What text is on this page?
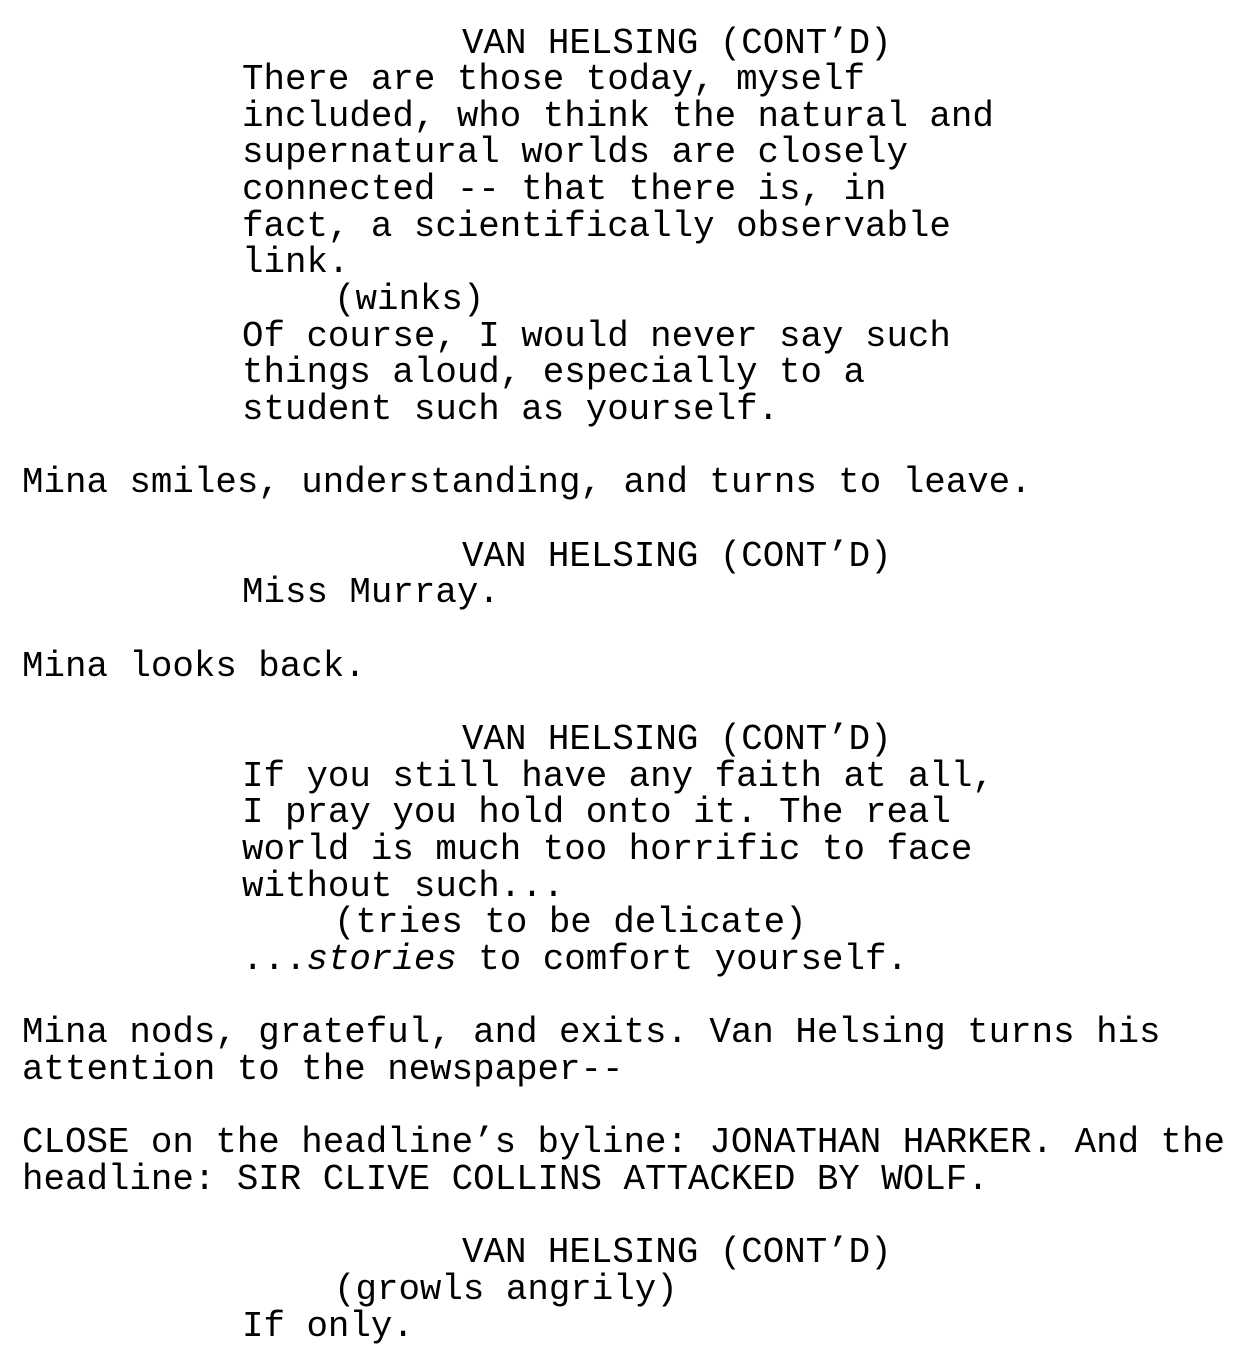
VAN HELSING (CONT’D)
There are those today, myself
included, who think the natural and
supernatural worlds are closely
connected -- that there is, in
fact, a scientifically observable
link.
(winks)
Of course, I would never say such
things aloud, especially to a
student such as yourself.
Mina smiles, understanding, and turns to leave.
VAN HELSING (CONT’D)
Miss Murray.
Mina looks back.
VAN HELSING (CONT’D)
If you still have any faith at all,
I pray you hold onto it. The real
world is much too horrific to face
without such...
(tries to be delicate)
...stories to comfort yourself.
Mina nods, grateful, and exits. Van Helsing turns his
attention to the newspaper--
CLOSE on the headline’s byline: JONATHAN HARKER. And the
headline: SIR CLIVE COLLINS ATTACKED BY WOLF.
VAN HELSING (CONT’D)
(growls angrily)
If only.
